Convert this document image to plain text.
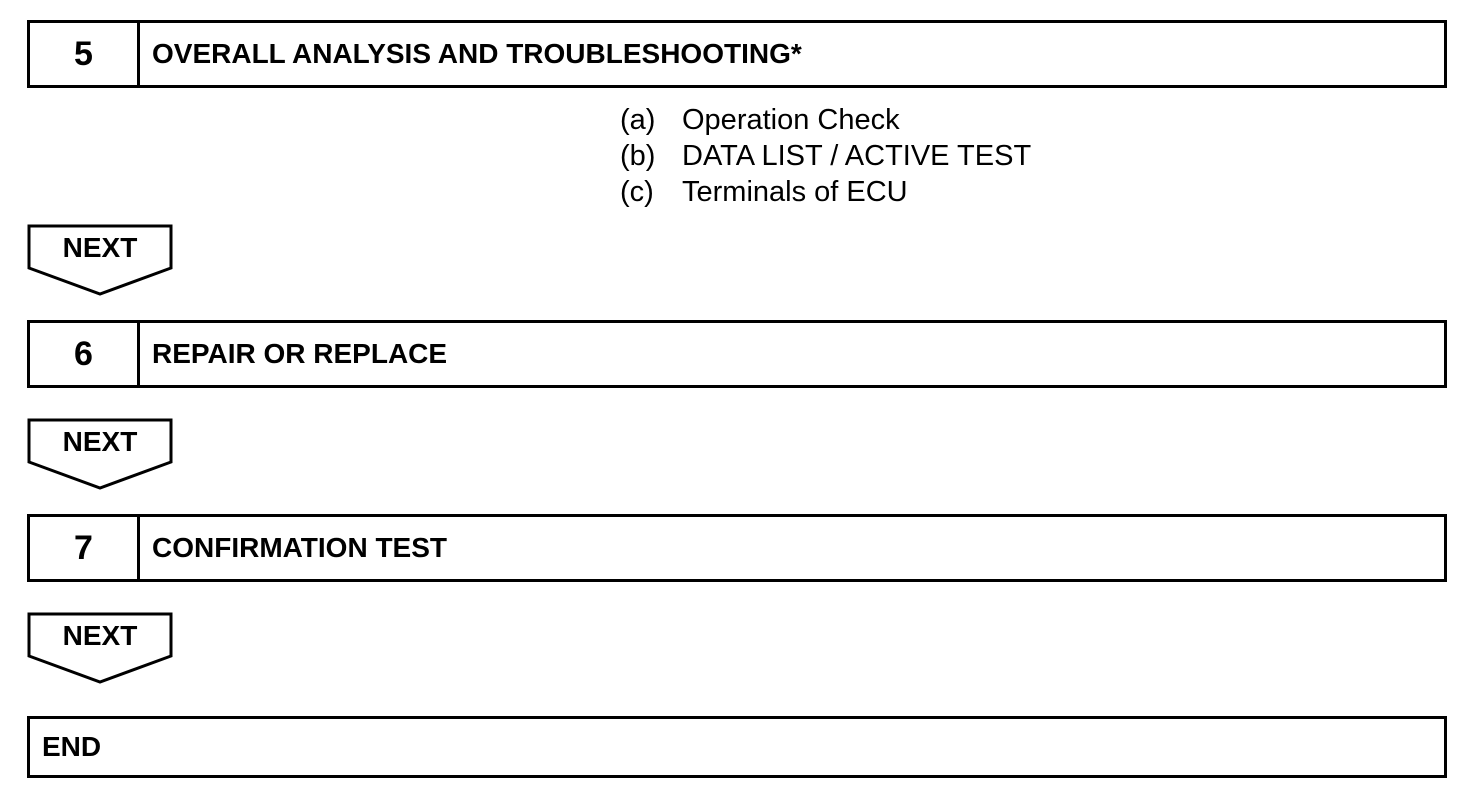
5	OVERALL ANALYSIS AND TROUBLESHOOTING*
(a) Operation Check
(b) DATA LIST / ACTIVE TEST
(c) Terminals of ECU
NEXT
6	REPAIR OR REPLACE
NEXT
7	CONFIRMATION TEST
NEXT
END
